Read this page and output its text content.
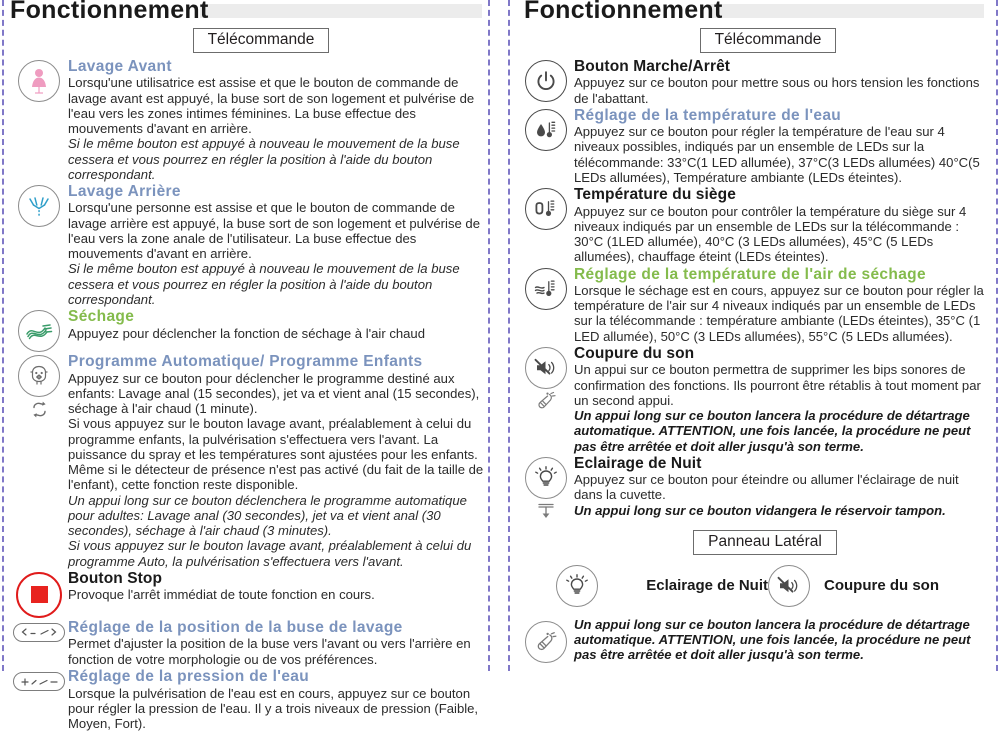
Fonctionnement
Télécommande
Lavage Avant

Lorsqu'une utilisatrice est assise et que le bouton de commande de lavage avant est appuyé, la buse sort de son logement et pulvérise de l'eau vers les zones intimes féminines. La buse effectue des mouvements d'avant en arrière.

Si le même bouton est appuyé à nouveau le mouvement de la buse cessera et vous pourrez en régler la position à l'aide du bouton correspondant.

Lavage Arrière

Lorsqu'une personne est assise et que le bouton de commande de lavage arrière est appuyé, la buse sort de son logement et pulvérise de l'eau vers la zone anale de l'utilisateur. La buse effectue des mouvements d'avant en arrière.

Si le même bouton est appuyé à nouveau le mouvement de la buse cessera et vous pourrez en régler la position à l'aide du bouton correspondant.

Séchage

Appuyez pour déclencher la fonction de séchage à l'air chaud

Programme Automatique/ Programme Enfants

Appuyez sur ce bouton pour déclencher le programme destiné aux enfants: Lavage anal (15 secondes), jet va et vient anal (15 secondes), séchage à l'air chaud (1 minute).

Si vous appuyez sur le bouton lavage avant, préalablement à celui du programme enfants, la pulvérisation s'effectuera vers l'avant. La puissance du spray et les températures sont ajustées pour les enfants. Même si le détecteur de présence n'est pas activé (du fait de la taille de l'enfant), cette fonction reste disponible.

Un appui long sur ce bouton déclenchera le programme automatique pour adultes: Lavage anal (30 secondes), jet va et vient anal (30 secondes), séchage à l'air chaud (3 minutes).

Si vous appuyez sur le bouton lavage avant, préalablement à celui du programme Auto, la pulvérisation s'effectuera vers l'avant.

Bouton Stop

Provoque l'arrêt immédiat de toute fonction en cours.

Réglage de la position de la buse de lavage

Permet d'ajuster la position de la buse vers l'avant ou vers l'arrière en fonction de votre morphologie ou de vos préférences.

Réglage de la pression de l'eau

Lorsque la pulvérisation de l'eau est en cours, appuyez sur ce bouton pour régler la pression de l'eau. Il y a trois niveaux de pression (Faible, Moyen, Fort).

Fonctionnement
Télécommande
Bouton Marche/Arrêt

Appuyez sur ce bouton pour mettre sous ou hors tension les fonctions de l'abattant.

Réglage de la température de l'eau

Appuyez sur ce bouton pour régler la température de l'eau sur 4 niveaux possibles, indiqués par un ensemble de LEDs sur la télécommande: 33°C(1 LED allumée), 37°C(3 LEDs allumées) 40°C(5 LEDs allumées), Température ambiante (LEDs éteintes).

Température du siège

Appuyez sur ce bouton pour contrôler la température du siège sur 4 niveaux indiqués par un ensemble de LEDs sur la télécommande : 30°C (1LED allumée), 40°C (3 LEDs allumées), 45°C (5 LEDs allumées), chauffage éteint (LEDs éteintes).

Réglage de la température de l'air de séchage

Lorsque le séchage est en cours, appuyez sur ce bouton pour régler la température de l'air sur 4 niveaux indiqués par un ensemble de LEDs sur la télécommande : température ambiante (LEDs éteintes), 35°C (1 LED allumée), 50°C (3 LEDs allumées), 55°C (5 LEDs allumées).

Coupure du son

Un appui sur ce bouton permettra de supprimer les bips sonores de confirmation des fonctions. Ils pourront être rétablis à tout moment par un second appui.

Un appui long sur ce bouton lancera la procédure de détartrage automatique. ATTENTION, une fois lancée, la procédure ne peut pas être arrêtée et doit aller jusqu'à son terme.

Eclairage de Nuit

Appuyez sur ce bouton pour éteindre ou allumer l'éclairage de nuit dans la cuvette.

Un appui long sur ce bouton vidangera le réservoir tampon.

Panneau Latéral
Eclairage de Nuit	Coupure du son

Un appui long sur ce bouton lancera la procédure de détartrage automatique. ATTENTION, une fois lancée, la procédure ne peut pas être arrêtée et doit aller jusqu'à son terme.
